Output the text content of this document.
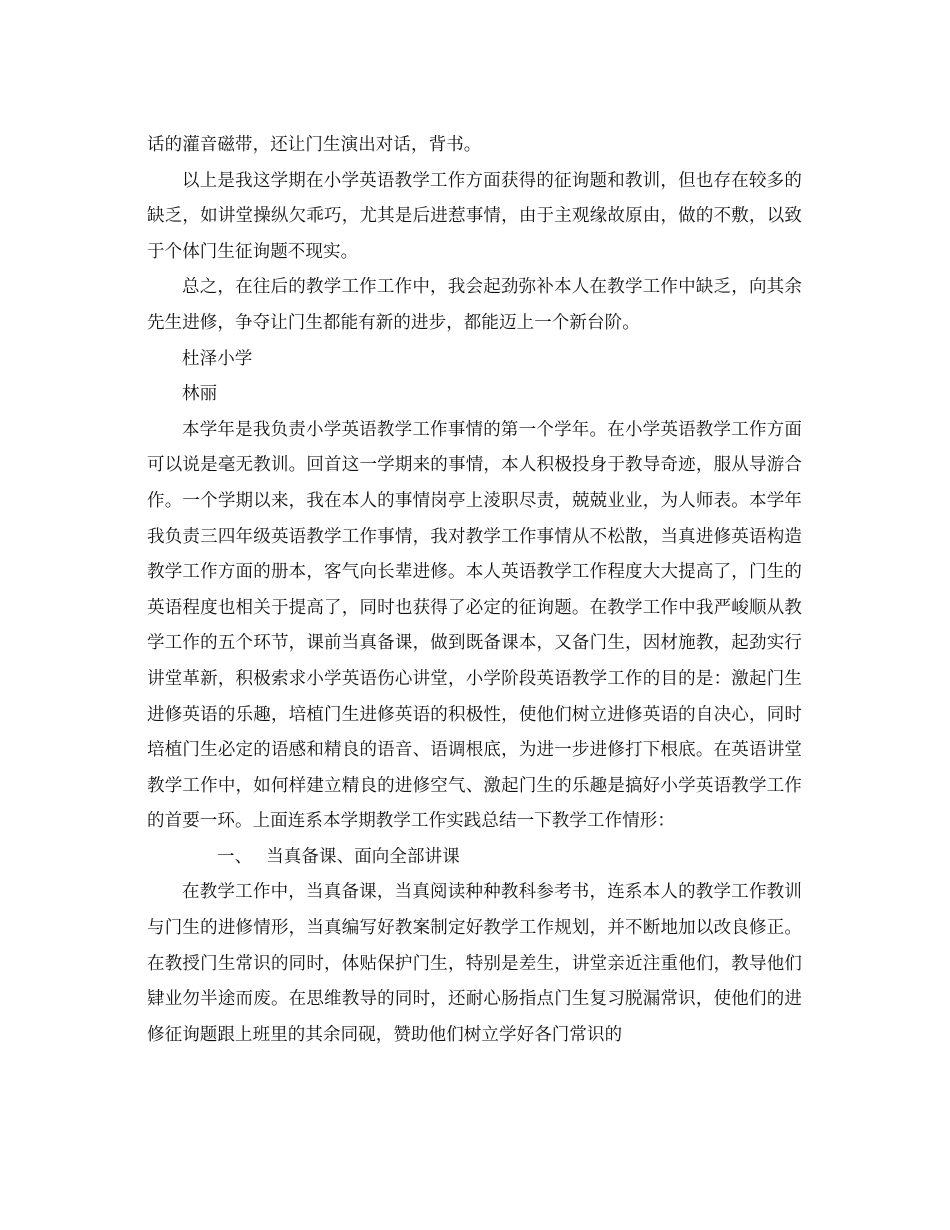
话的灌音磁带，还让门生演出对话，背书。

以上是我这学期在小学英语教学工作方面获得的征询题和教训，但也存在较多的缺乏，如讲堂操纵欠乖巧，尤其是后进惹事情，由于主观缘故原由，做的不敷，以致于个体门生征询题不现实。

总之，在往后的教学工作工作中，我会起劲弥补本人在教学工作中缺乏，向其余先生进修，争夺让门生都能有新的进步，都能迈上一个新台阶。

杜泽小学

林丽

本学年是我负责小学英语教学工作事情的第一个学年。在小学英语教学工作方面可以说是毫无教训。回首这一学期来的事情，本人积极投身于教导奇迹，服从导游合作。一个学期以来，我在本人的事情岗亭上淩职尽责，兢兢业业，为人师表。本学年我负责三四年级英语教学工作事情，我对教学工作事情从不松散，当真进修英语构造教学工作方面的册本，客气向长辈进修。本人英语教学工作程度大大提高了，门生的英语程度也相关于提高了，同时也获得了必定的征询题。在教学工作中我严峻顺从教学工作的五个环节，课前当真备课，做到既备课本，又备门生，因材施教，起劲实行讲堂革新，积极索求小学英语伤心讲堂，小学阶段英语教学工作的目的是：激起门生进修英语的乐趣，培植门生进修英语的积极性，使他们树立进修英语的自决心，同时培植门生必定的语感和精良的语音、语调根底，为进一步进修打下根底。在英语讲堂教学工作中，如何样建立精良的进修空气、激起门生的乐趣是搞好小学英语教学工作的首要一环。上面连系本学期教学工作实践总结一下教学工作情形：

一、 当真备课、面向全部讲课

在教学工作中，当真备课，当真阅读种种教科参考书，连系本人的教学工作教训与门生的进修情形，当真编写好教案制定好教学工作规划，并不断地加以改良修正。在教授门生常识的同时，体贴保护门生，特别是差生，讲堂亲近注重他们，教导他们肄业勿半途而废。在思维教导的同时，还耐心肠指点门生复习脱漏常识，使他们的进修征询题跟上班里的其余同砚，赞助他们树立学好各门常识的
